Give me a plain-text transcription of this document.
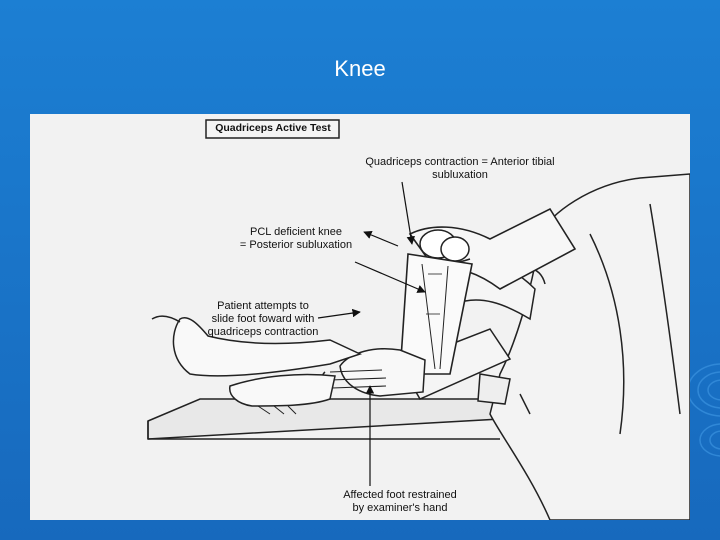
Knee
Quadriceps Active Test
Quadriceps contraction = Anterior tibial
subluxation
PCL deficient knee
= Posterior subluxation
Patient attempts to
slide foot foward with
quadriceps contraction
Affected foot restrained
by examiner's hand
